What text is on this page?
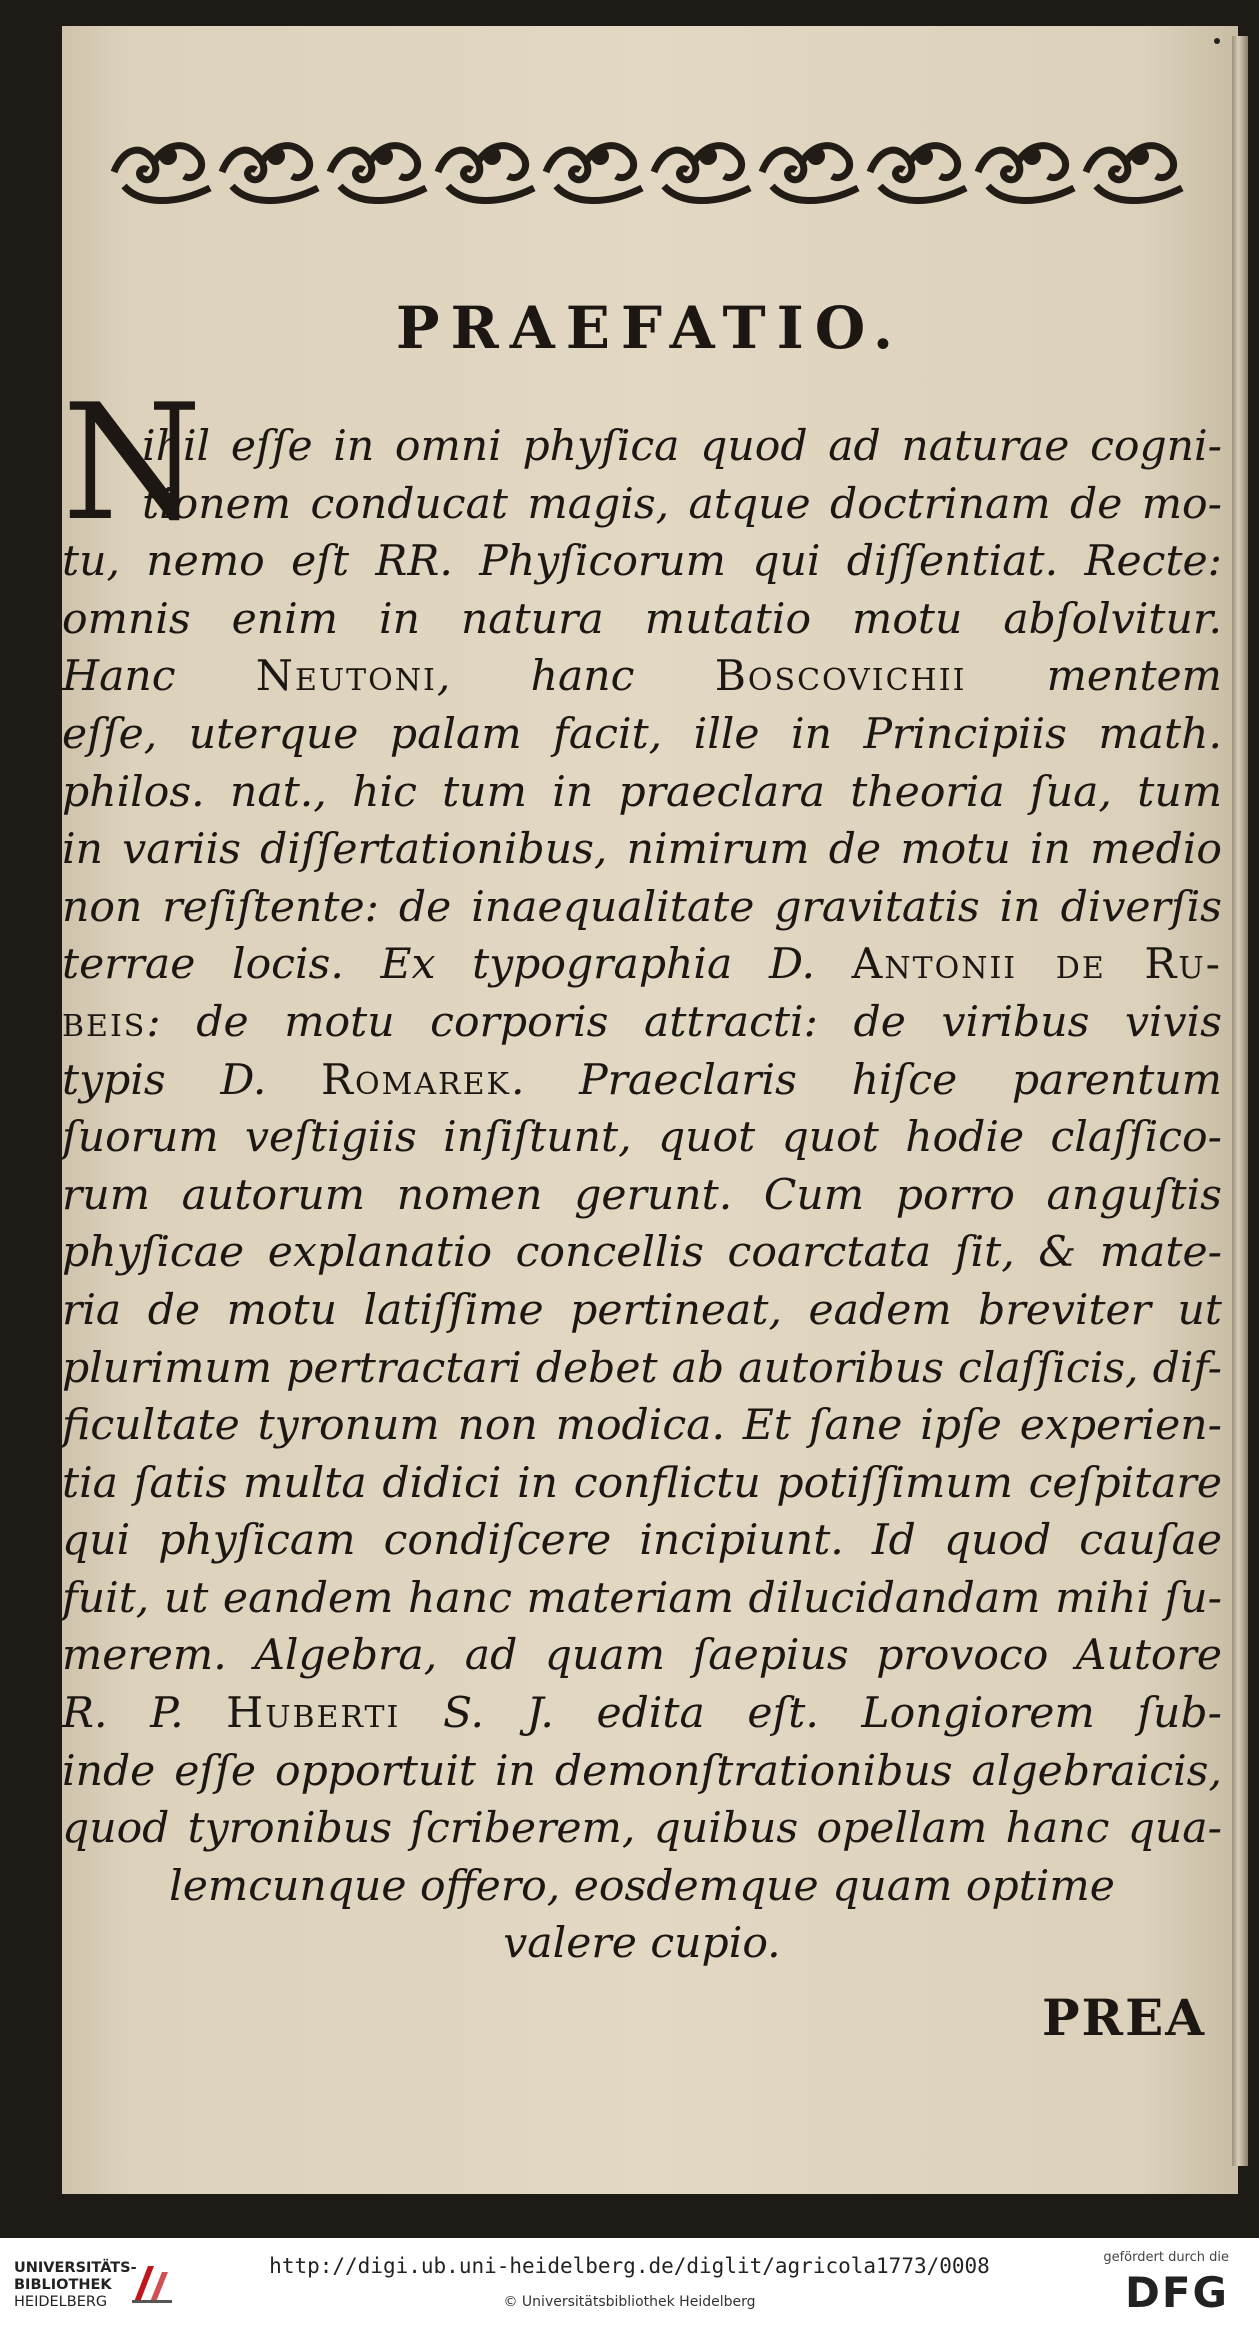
PRAEFATIO.
N
ihil eſſe in omni phyſica quod ad naturae cogni-
tionem conducat magis, atque doctrinam de mo-
tu, nemo eſt RR. Phyſicorum qui diſſentiat. Recte:
omnis enim in natura mutatio motu abſolvitur.
Hanc Neutoni, hanc Boscovichii mentem
eſſe, uterque palam facit, ille in Principiis math.
philos. nat., hic tum in praeclara theoria ſua, tum
in variis diſſertationibus, nimirum de motu in medio
non reſiſtente: de inaequalitate gravitatis in diverſis
terrae locis. Ex typographia D. Antonii de Ru-
beis: de motu corporis attracti: de viribus vivis
typis D. Romarek. Praeclaris hiſce parentum
ſuorum veſtigiis inſiſtunt, quot quot hodie claſſico-
rum autorum nomen gerunt. Cum porro anguſtis
phyſicae explanatio concellis coarctata ſit, & mate-
ria de motu latiſſime pertineat, eadem breviter ut
plurimum pertractari debet ab autoribus claſſicis, dif-
ficultate tyronum non modica. Et ſane ipſe experien-
tia ſatis multa didici in conflictu potiſſimum ceſpitare
qui phyſicam condiſcere incipiunt. Id quod cauſae
fuit, ut eandem hanc materiam dilucidandam mihi ſu-
merem. Algebra, ad quam ſaepius provoco Autore
R. P. Huberti S. J. edita eſt. Longiorem ſub-
inde eſſe opportuit in demonſtrationibus algebraicis,
quod tyronibus ſcriberem, quibus opellam hanc qua-
lemcunque offero, eosdemque quam optime
valere cupio.
PREA
UNIVERSITÄTS-
BIBLIOTHEK
HEIDELBERG
http://digi.ub.uni-heidelberg.de/diglit/agricola1773/0008
© Universitätsbibliothek Heidelberg
gefördert durch die
DFG
